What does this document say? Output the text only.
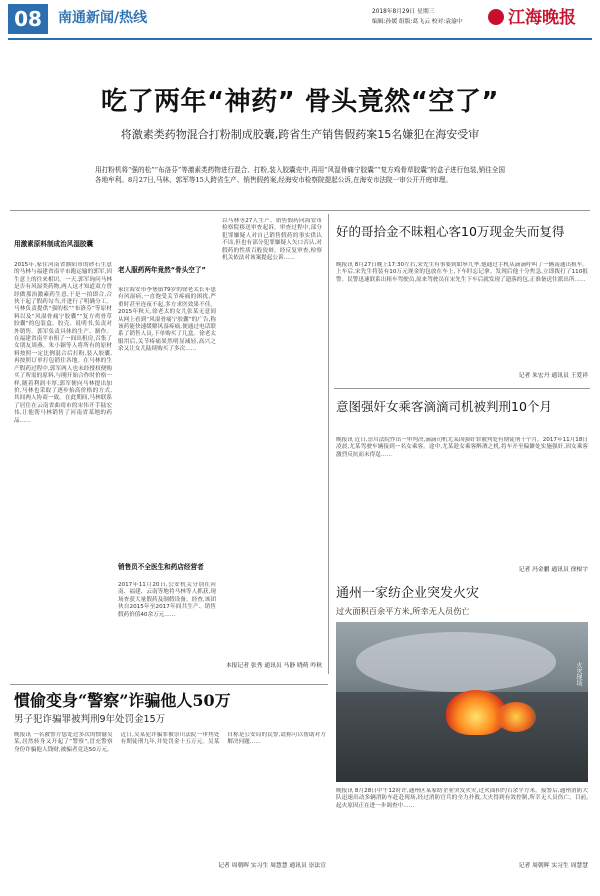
08	南通新闻/热线	2018年8月29日 星期三
编辑:孙媛 组版:葛飞云 校对:袁渝中	江海晚报
吃了两年“神药” 骨头竟然“空了”
将激素类药物混合打粉制成胶囊,跨省生产销售假药案15名嫌犯在海安受审
用打粉机将“强的松”“布洛芬”等激素类药物进行混合、打粉,装入胶囊壳中,再用“风湿骨痛宁胶囊”“复方鸡骨草胶囊”的盒子进行包装,销往全国各地牟利。8月27日,马林、郭军等15人跨省生产、销售假药案,经海安市检察院提起公诉,在海安市法院一审公开开庭审理。
用激素原料制成治风湿胶囊
2015年,家住河南省濮阳市的砂石生意的马林与福建省南平市跑运输的郭军,因生意上的往来相识。一天,郭军询问马林是否有风湿类药物,两人这才知道双方曾经做那治激素药生意,于是一拍即合,合伙干起了假药勾当,开进行了明确分工。马林负责提供“强的松”“布洛芬”等原材料以及“风湿骨痛宁胶囊”“复方鸡骨草胶囊”的包装盒、胶壳、说明书,负责对外销售。郭军负责具体的生产、制作。在福建省南平市租了一间出租房,召集了女朋友周燕、朱小颖等人将所有的原材料按照一定比例混合后打粉,装入胶囊,再按照订单打包销往各地。在马林的生产假药过程中,郭军两人也未经授权便购买了所需的原料,与刚开始合作时价格一样,随着利润丰厚,郭军便向马林提出加价,马林也采取了逐步抬高价格的方式,其间两人协商一致。在此期间,马林联系了居住在云南省曲靖市的宋伟开手陆宏伟,让他帮马林销售了河南省某地的药品……
老人服药两年竟然“骨头空了”
家住海安市李堡镇79岁的徐老太长年患有风湿病,一直饱受关节疼痛的困扰,严重时甚至连夜不起,多方求医效果不佳。2015年秋天,徐老太的女儿张某无意间从网上看到“风湿骨痛宁胶囊”的广告,称该药能快速缓解风湿疼痛,便通过电话联系了销售人员,下单购买了几盒。徐老太服用后,关节疼痛果然明显减轻,高兴之余又让女儿陆续购买了多次……
销售员不全医生和药店经营者
2017年11月20日,公安机关分别在河南、福建、云南等地将马林等人抓获,现场查获大量假药及制假设备。经查,该团伙自2015年至2017年间共生产、销售假药价值40余万元……
以马林等27人生产、销售假药向海安市检察院移送审查起诉。审查过程中,部分犯罪嫌疑人对自己销售假药的事实供认不讳,但也有部分犯罪嫌疑人矢口否认,对假药的性质百般狡辩。经反复审查,检察机关依法对该案提起公诉……
本报记者 张秀 通讯员 马静 晓萌 吟秋
好的哥拾金不昧粗心客10万现金失而复得
晚报讯 8月27日晚上17:30左右,宋先生有事要到如皋九华,他通过手机从滴滴呼叫了一辆南通出租车。上车后,宋先生将装有10万元现金的包放在车上,下车时忘记拿。发现后他十分焦急,立即拨打了110报警。民警迅速联系出租车驾驶员,原来驾驶员在宋先生下车后就发现了遗落的包,正准备送往派出所……
记者 朱宏丹 通讯员 王爱祥
意图强奸女乘客滴滴司机被判刑10个月
晚报讯 近日,崇川法院作出一审判决,滴滴司机尤某因强奸罪被判处有期徒刑十个月。2017年11月18日凌晨,尤某驾驶车辆接到一名女乘客。途中,尤某趁女乘客醉酒之机,将车开至偏僻处实施强奸,因女乘客激烈反抗而未得逞……
记者 冯金鹏 通讯员 徐根宇
通州一家纺企业突发火灾
过火面积百余平方米,所幸无人员伤亡
火灾现场
晚报讯 8月28日中午12时许,通州区某家纺企业突发火灾,过火面积约百余平方米。接警后,通州消防大队迅速出动多辆消防车赶赴现场,经过消防官兵的全力扑救,大火得到有效控制,所幸无人员伤亡。目前,起火原因正在进一步调查中……
记者 周朝晖 实习生 周慧慧
慣偷变身“警察”诈骗他人50万
男子犯诈骗罪被判刑9年处罚金15万
晚报讯 一名被警方惩处过多次的惯偷吴某,居然转身又开起了“警察”,冒充警察身份诈骗他人钱财,被骗者竟达50万元。近日,吴某犯诈骗罪被崇川法院一审判处有期徒刑九年,并处罚金十五万元。吴某自称是公安局的民警,谎称可以帮助对方解决问题……
记者 周朝晖 实习生 周慧慧 通讯员 崇法宣
